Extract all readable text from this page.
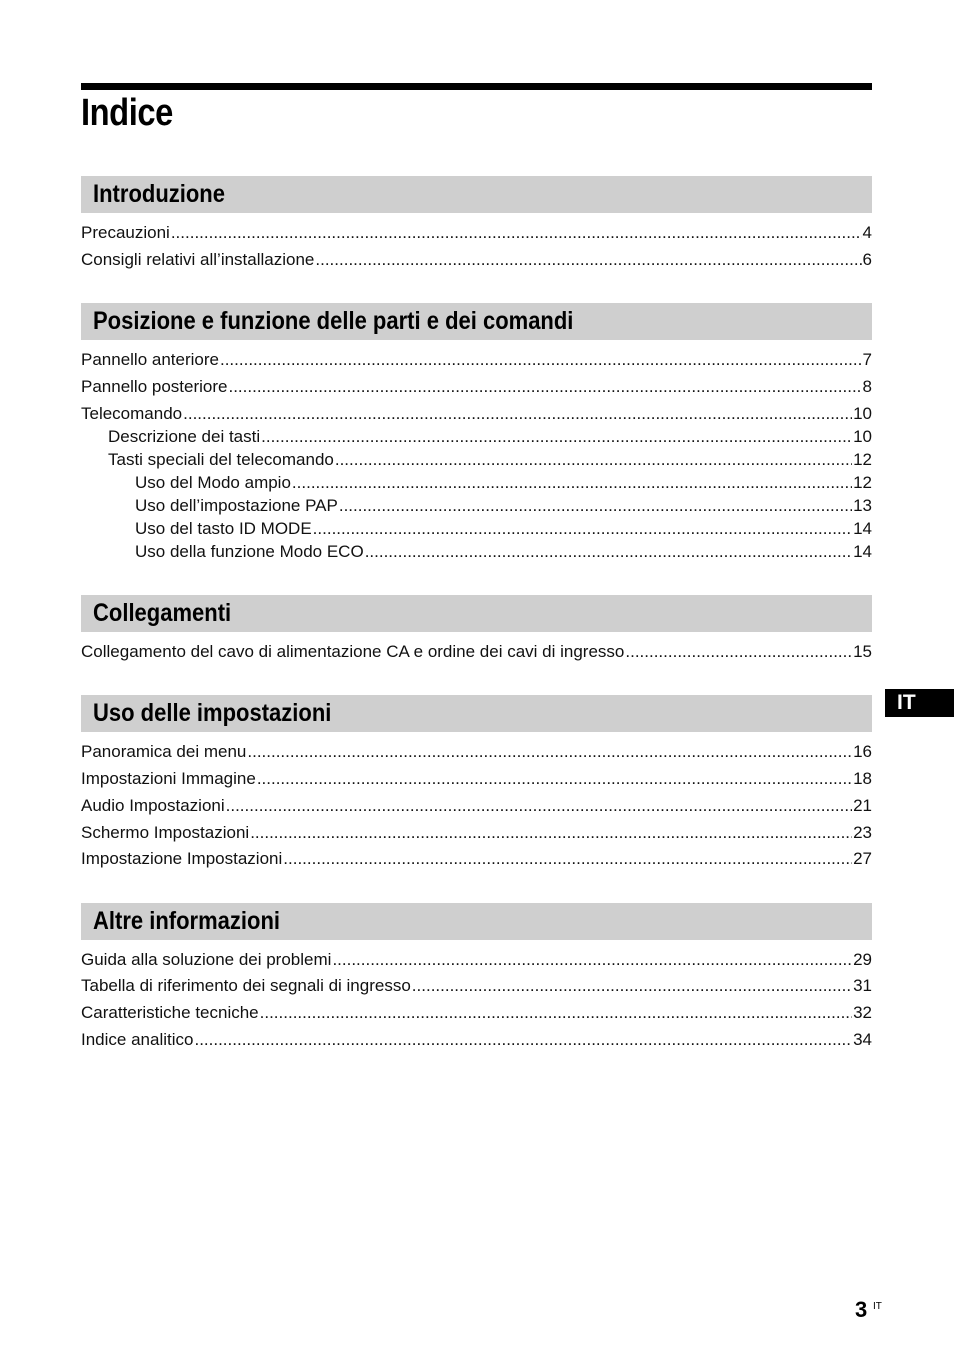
Indice
Introduzione
Precauzioni .....	4
Consigli relativi all’installazione .....	6
Posizione e funzione delle parti e dei comandi
Pannello anteriore .....	7
Pannello posteriore .....	8
Telecomando .....	10
Descrizione dei tasti .....	10
Tasti speciali del telecomando .....	12
Uso del Modo ampio .....	12
Uso dell’impostazione PAP .....	13
Uso del tasto ID MODE .....	14
Uso della funzione Modo ECO .....	14
Collegamenti
Collegamento del cavo di alimentazione CA e ordine dei cavi di ingresso .....	15
Uso delle impostazioni
Panoramica dei menu .....	16
Impostazioni Immagine .....	18
Audio Impostazioni .....	21
Schermo Impostazioni .....	23
Impostazione Impostazioni .....	27
Altre informazioni
Guida alla soluzione dei problemi .....	29
Tabella di riferimento dei segnali di ingresso .....	31
Caratteristiche tecniche .....	32
Indice analitico .....	34
IT
3 IT
